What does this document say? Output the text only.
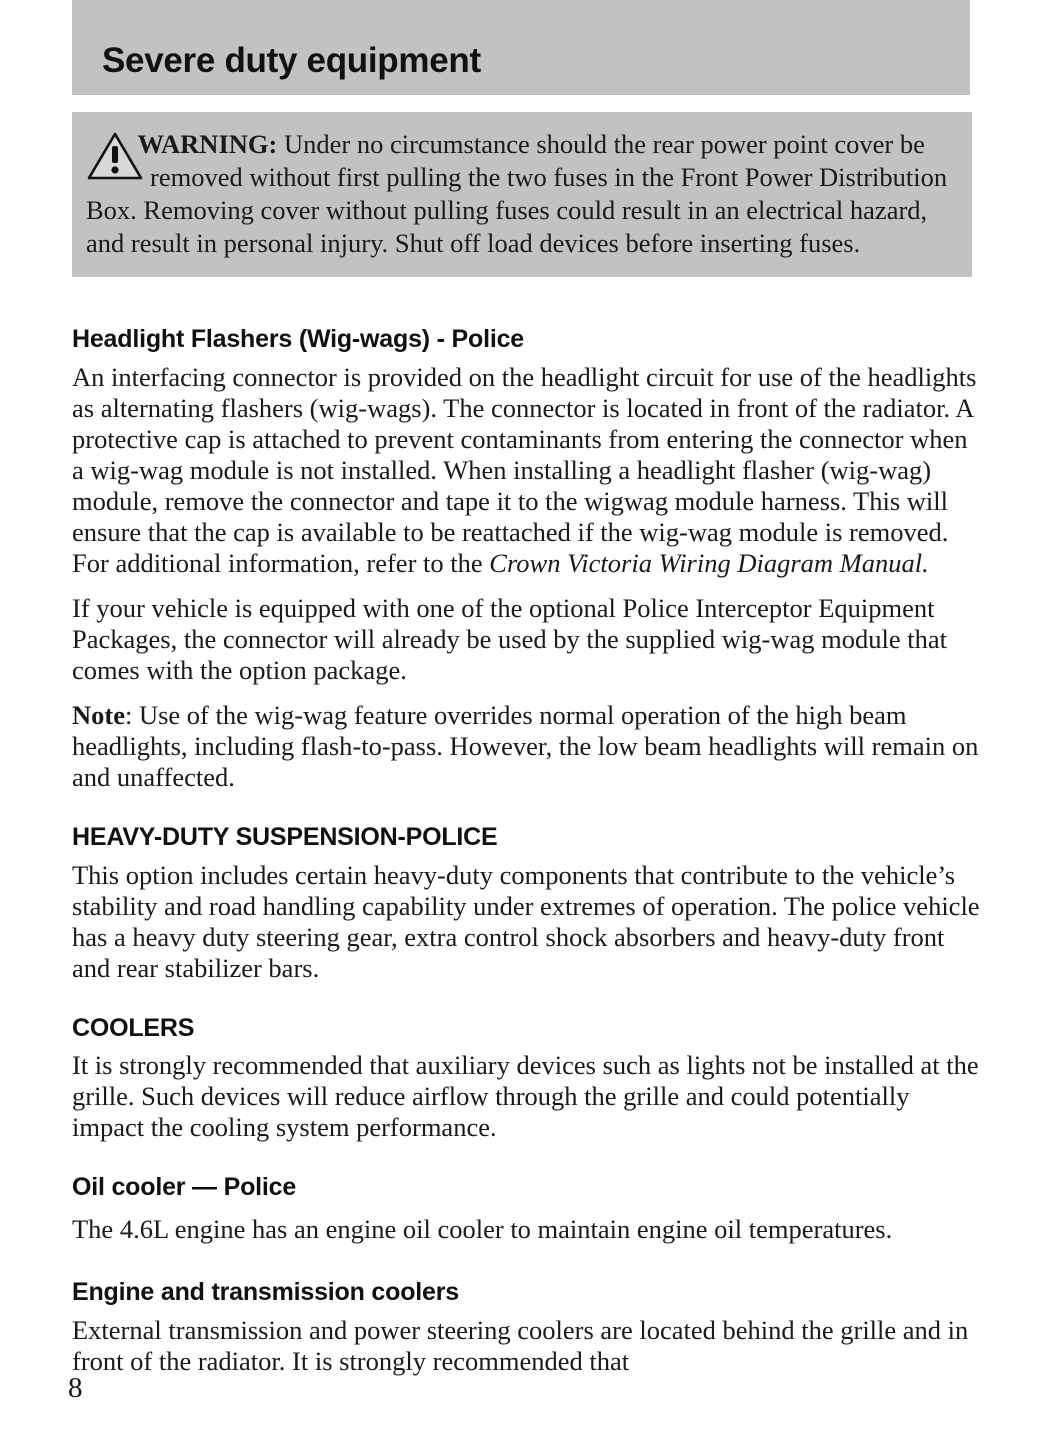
Severe duty equipment

WARNING: Under no circumstance should the rear power point cover be removed without first pulling the two fuses in the Front Power Distribution Box. Removing cover without pulling fuses could result in an electrical hazard, and result in personal injury. Shut off load devices before inserting fuses.

Headlight Flashers (Wig-wags) - Police

An interfacing connector is provided on the headlight circuit for use of the headlights as alternating flashers (wig-wags). The connector is located in front of the radiator. A protective cap is attached to prevent contaminants from entering the connector when a wig-wag module is not installed. When installing a headlight flasher (wig-wag) module, remove the connector and tape it to the wigwag module harness. This will ensure that the cap is available to be reattached if the wig-wag module is removed. For additional information, refer to the Crown Victoria Wiring Diagram Manual.

If your vehicle is equipped with one of the optional Police Interceptor Equipment Packages, the connector will already be used by the supplied wig-wag module that comes with the option package.

Note: Use of the wig-wag feature overrides normal operation of the high beam headlights, including flash-to-pass. However, the low beam headlights will remain on and unaffected.

HEAVY-DUTY SUSPENSION-POLICE

This option includes certain heavy-duty components that contribute to the vehicle’s stability and road handling capability under extremes of operation. The police vehicle has a heavy duty steering gear, extra control shock absorbers and heavy-duty front and rear stabilizer bars.

COOLERS

It is strongly recommended that auxiliary devices such as lights not be installed at the grille. Such devices will reduce airflow through the grille and could potentially impact the cooling system performance.

Oil cooler — Police

The 4.6L engine has an engine oil cooler to maintain engine oil temperatures.

Engine and transmission coolers

External transmission and power steering coolers are located behind the grille and in front of the radiator. It is strongly recommended that

8
